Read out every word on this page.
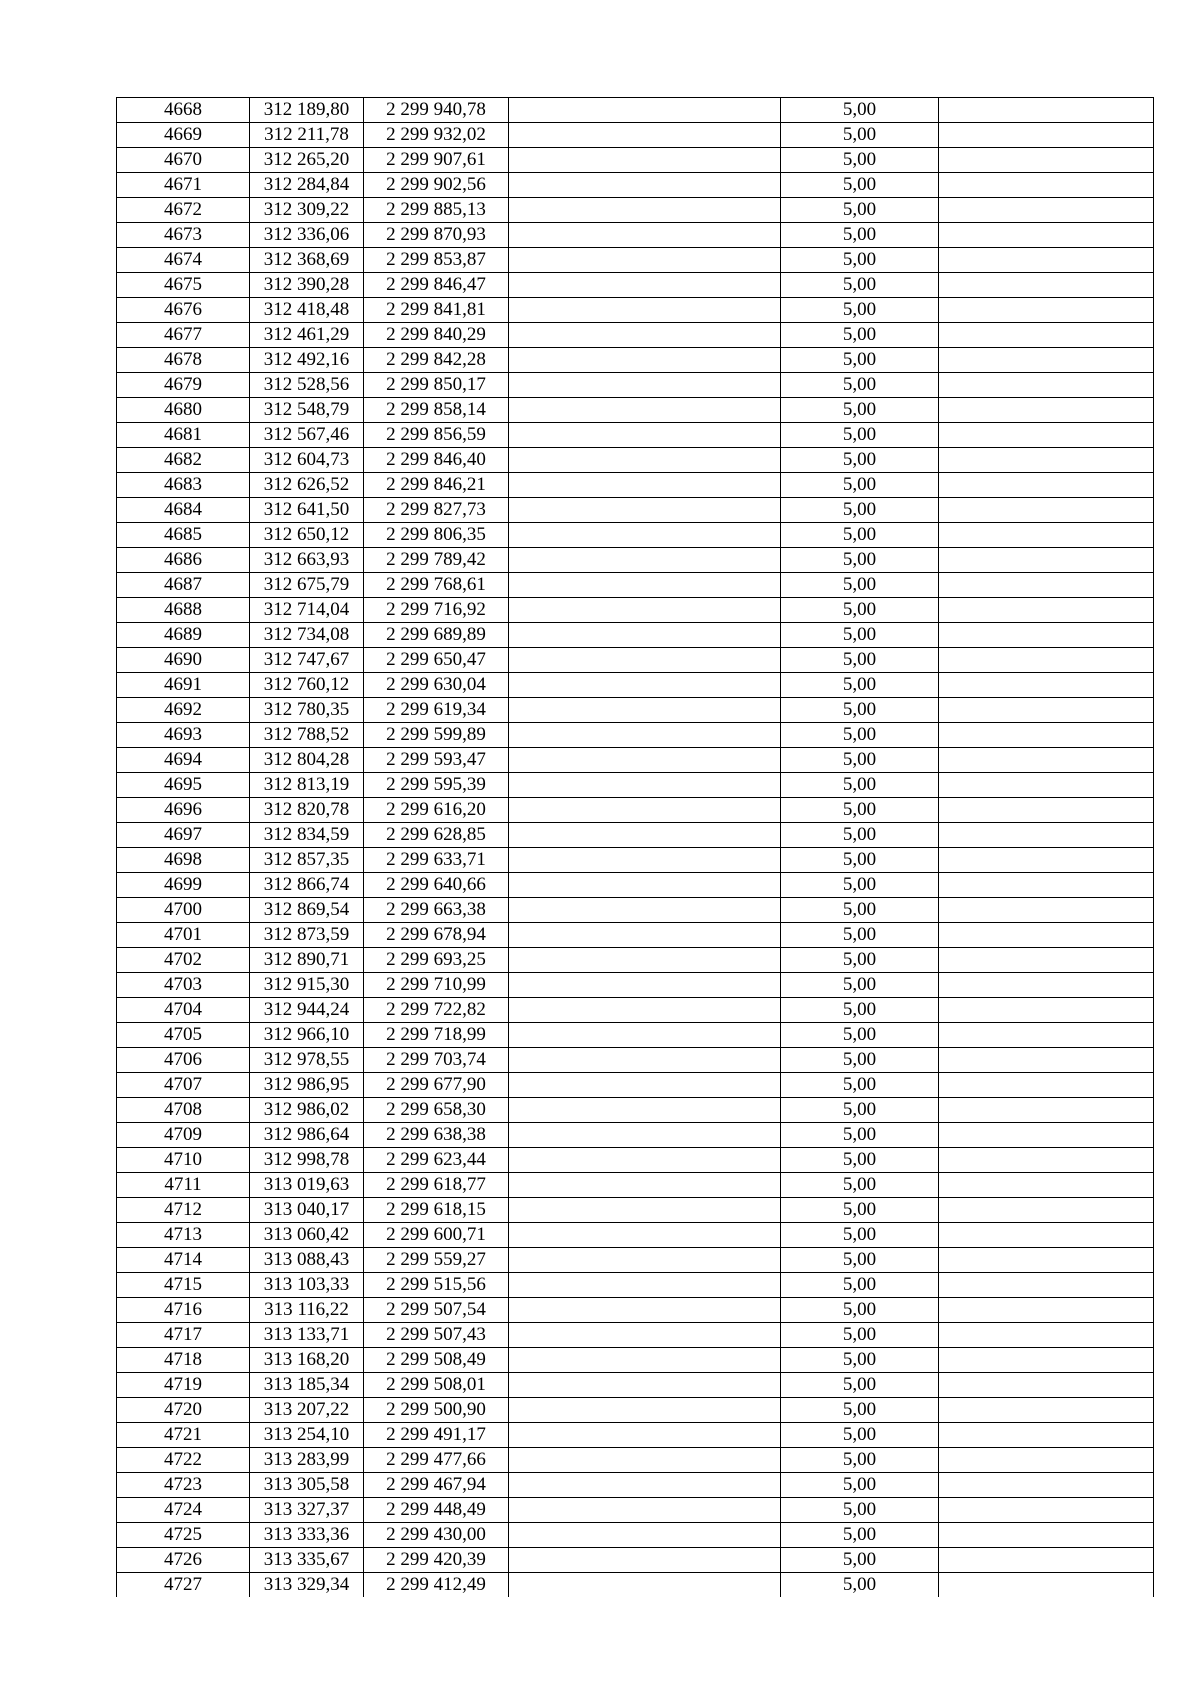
4668	312 189,80	2 299 940,78		5,00	
4669	312 211,78	2 299 932,02		5,00	
4670	312 265,20	2 299 907,61		5,00	
4671	312 284,84	2 299 902,56		5,00	
4672	312 309,22	2 299 885,13		5,00	
4673	312 336,06	2 299 870,93		5,00	
4674	312 368,69	2 299 853,87		5,00	
4675	312 390,28	2 299 846,47		5,00	
4676	312 418,48	2 299 841,81		5,00	
4677	312 461,29	2 299 840,29		5,00	
4678	312 492,16	2 299 842,28		5,00	
4679	312 528,56	2 299 850,17		5,00	
4680	312 548,79	2 299 858,14		5,00	
4681	312 567,46	2 299 856,59		5,00	
4682	312 604,73	2 299 846,40		5,00	
4683	312 626,52	2 299 846,21		5,00	
4684	312 641,50	2 299 827,73		5,00	
4685	312 650,12	2 299 806,35		5,00	
4686	312 663,93	2 299 789,42		5,00	
4687	312 675,79	2 299 768,61		5,00	
4688	312 714,04	2 299 716,92		5,00	
4689	312 734,08	2 299 689,89		5,00	
4690	312 747,67	2 299 650,47		5,00	
4691	312 760,12	2 299 630,04		5,00	
4692	312 780,35	2 299 619,34		5,00	
4693	312 788,52	2 299 599,89		5,00	
4694	312 804,28	2 299 593,47		5,00	
4695	312 813,19	2 299 595,39		5,00	
4696	312 820,78	2 299 616,20		5,00	
4697	312 834,59	2 299 628,85		5,00	
4698	312 857,35	2 299 633,71		5,00	
4699	312 866,74	2 299 640,66		5,00	
4700	312 869,54	2 299 663,38		5,00	
4701	312 873,59	2 299 678,94		5,00	
4702	312 890,71	2 299 693,25		5,00	
4703	312 915,30	2 299 710,99		5,00	
4704	312 944,24	2 299 722,82		5,00	
4705	312 966,10	2 299 718,99		5,00	
4706	312 978,55	2 299 703,74		5,00	
4707	312 986,95	2 299 677,90		5,00	
4708	312 986,02	2 299 658,30		5,00	
4709	312 986,64	2 299 638,38		5,00	
4710	312 998,78	2 299 623,44		5,00	
4711	313 019,63	2 299 618,77		5,00	
4712	313 040,17	2 299 618,15		5,00	
4713	313 060,42	2 299 600,71		5,00	
4714	313 088,43	2 299 559,27		5,00	
4715	313 103,33	2 299 515,56		5,00	
4716	313 116,22	2 299 507,54		5,00	
4717	313 133,71	2 299 507,43		5,00	
4718	313 168,20	2 299 508,49		5,00	
4719	313 185,34	2 299 508,01		5,00	
4720	313 207,22	2 299 500,90		5,00	
4721	313 254,10	2 299 491,17		5,00	
4722	313 283,99	2 299 477,66		5,00	
4723	313 305,58	2 299 467,94		5,00	
4724	313 327,37	2 299 448,49		5,00	
4725	313 333,36	2 299 430,00		5,00	
4726	313 335,67	2 299 420,39		5,00	
4727	313 329,34	2 299 412,49		5,00	
